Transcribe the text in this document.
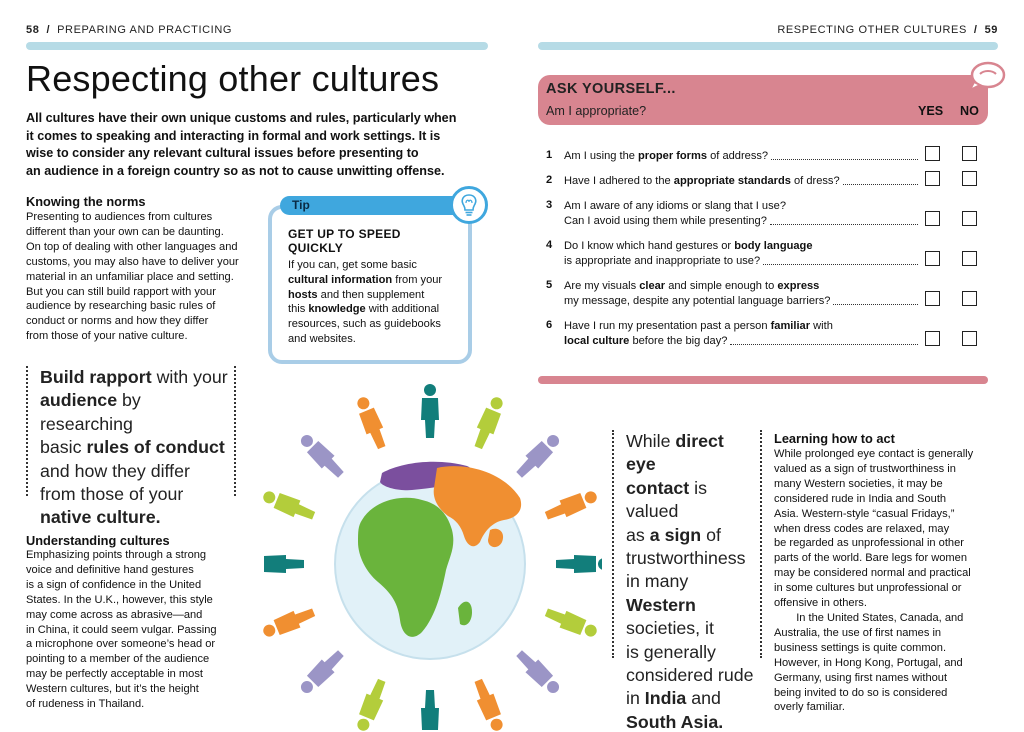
58 / PREPARING AND PRACTICING	RESPECTING OTHER CULTURES / 59
Respecting other cultures
All cultures have their own unique customs and rules, particularly when
it comes to speaking and interacting in formal and work settings. It is
wise to consider any relevant cultural issues before presenting to
an audience in a foreign country so as not to cause unwitting offense.
Knowing the norms
Presenting to audiences from cultures
different than your own can be daunting.
On top of dealing with other languages and
customs, you may also have to deliver your
material in an unfamiliar place and setting.
But you can still build rapport with your
audience by researching basic rules of
conduct or norms and how they differ
from those of your native culture.
Tip
GET UP TO SPEED
QUICKLY
If you can, get some basic
cultural information from your
hosts and then supplement
this knowledge with additional
resources, such as guidebooks
and websites.
Build rapport with your
audience by researching
basic rules of conduct
and how they differ
from those of your
native culture.
Understanding cultures
Emphasizing points through a strong
voice and definitive hand gestures
is a sign of confidence in the United
States. In the U.K., however, this style
may come across as abrasive—and
in China, it could seem vulgar. Passing
a microphone over someone’s head or
pointing to a member of the audience
may be perfectly acceptable in most
Western cultures, but it’s the height
of rudeness in Thailand.
ASK YOURSELF...
Am I appropriate?	YES NO
1 Am I using the proper forms of address?
2 Have I adhered to the appropriate standards of dress?
3 Am I aware of any idioms or slang that I use?
Can I avoid using them while presenting?
4 Do I know which hand gestures or body language
is appropriate and inappropriate to use?
5 Are my visuals clear and simple enough to express
my message, despite any potential language barriers?
6 Have I run my presentation past a person familiar with
local culture before the big day?
While direct eye
contact is valued
as a sign of
trustworthiness
in many Western
societies, it
is generally
considered rude
in India and
South Asia.
Learning how to act
While prolonged eye contact is generally
valued as a sign of trustworthiness in
many Western societies, it may be
considered rude in India and South
Asia. Western-style “casual Fridays,”
when dress codes are relaxed, may
be regarded as unprofessional in other
parts of the world. Bare legs for women
may be considered normal and practical
in some cultures but unprofessional or
offensive in others.
  In the United States, Canada, and
Australia, the use of first names in
business settings is quite common.
However, in Hong Kong, Portugal, and
Germany, using first names without
being invited to do so is considered
overly familiar.
